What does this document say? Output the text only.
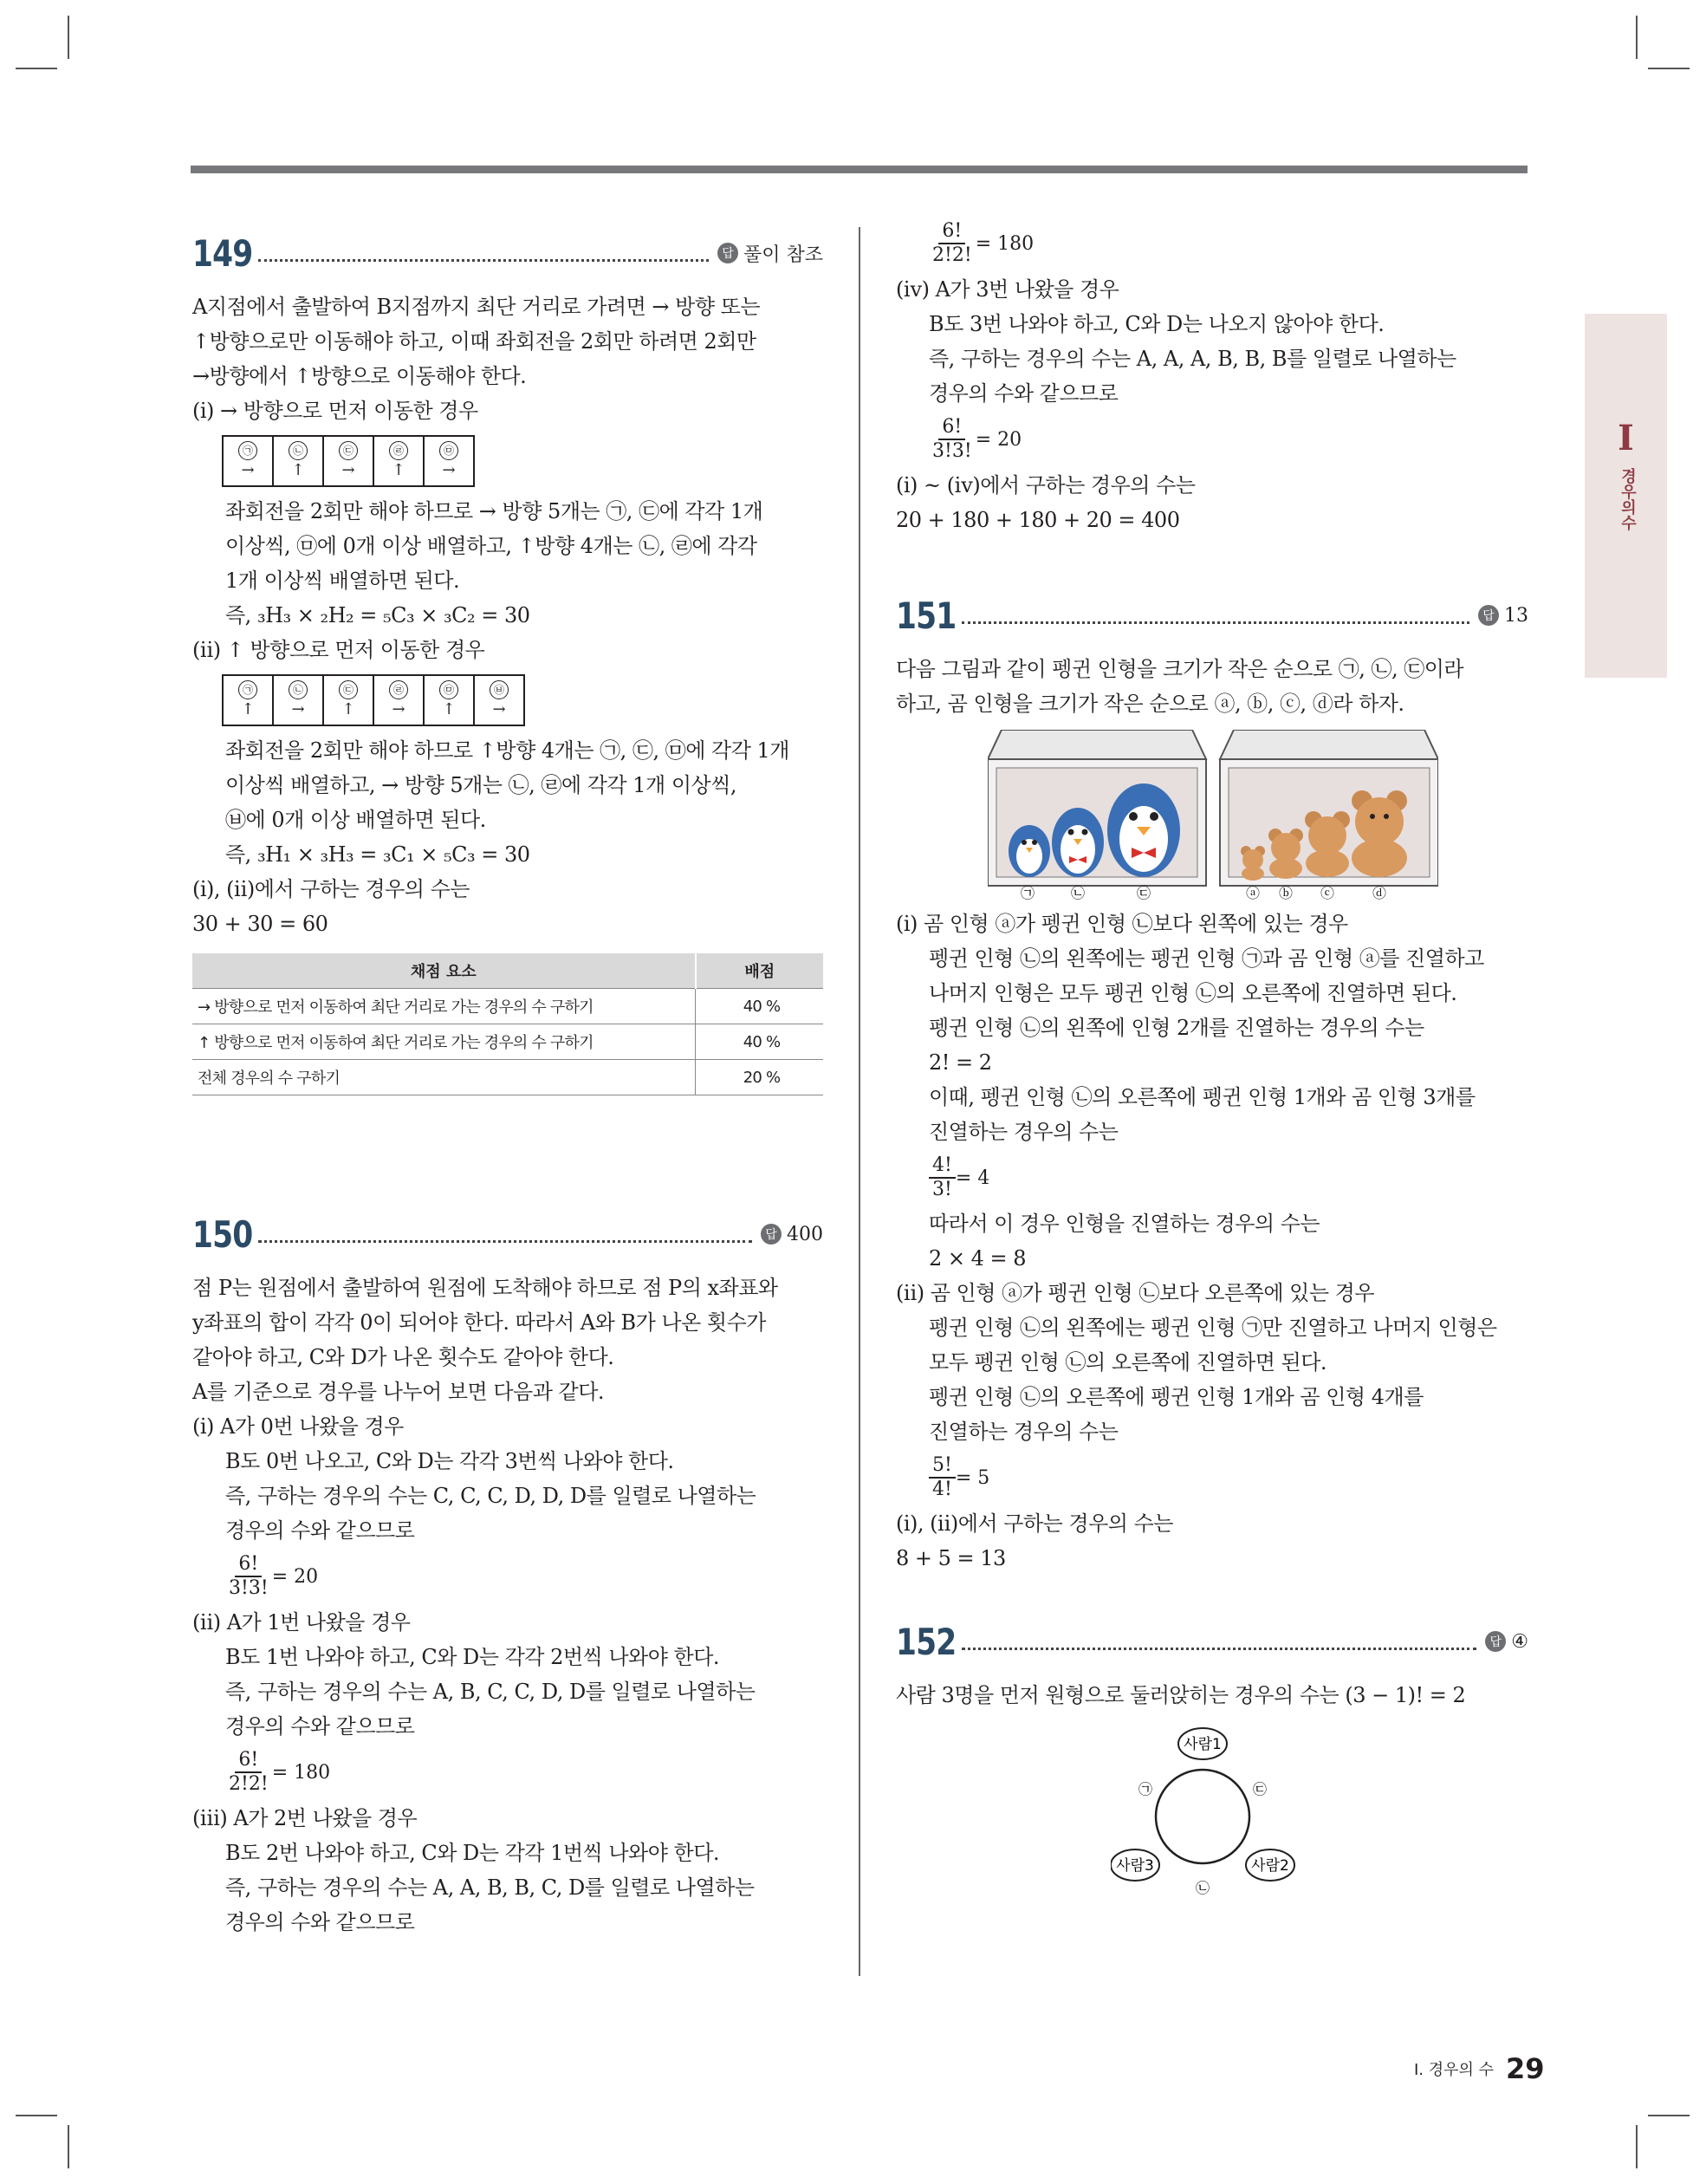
I
경우의수
149	답 풀이 참조

A지점에서 출발하여 B지점까지 최단 거리로 가려면 → 방향 또는

↑방향으로만 이동해야 하고, 이때 좌회전을 2회만 하려면 2회만

→방향에서 ↑방향으로 이동해야 한다.

(ⅰ) → 방향으로 먼저 이동한 경우

㉠
→
㉡
↑
㉢
→
㉣
↑
㉤
→

좌회전을 2회만 해야 하므로 → 방향 5개는 ㉠, ㉢에 각각 1개

이상씩, ㉤에 0개 이상 배열하고, ↑방향 4개는 ㉡, ㉣에 각각

1개 이상씩 배열하면 된다.

즉, ₃H₃ × ₂H₂ = ₅C₃ × ₃C₂ = 30

(ⅱ) ↑ 방향으로 먼저 이동한 경우

㉠
↑
㉡
→
㉢
↑
㉣
→
㉤
↑
㉥
→

좌회전을 2회만 해야 하므로 ↑방향 4개는 ㉠, ㉢, ㉤에 각각 1개

이상씩 배열하고, → 방향 5개는 ㉡, ㉣에 각각 1개 이상씩,

㉥에 0개 이상 배열하면 된다.

즉, ₃H₁ × ₃H₃ = ₃C₁ × ₅C₃ = 30

(ⅰ), (ⅱ)에서 구하는 경우의 수는

30 + 30 = 60

채점 요소	배점
→ 방향으로 먼저 이동하여 최단 거리로 가는 경우의 수 구하기	40 %
↑ 방향으로 먼저 이동하여 최단 거리로 가는 경우의 수 구하기	40 %
전체 경우의 수 구하기	20 %
150	답 400

점 P는 원점에서 출발하여 원점에 도착해야 하므로 점 P의 x좌표와

y좌표의 합이 각각 0이 되어야 한다. 따라서 A와 B가 나온 횟수가

같아야 하고, C와 D가 나온 횟수도 같아야 한다.

A를 기준으로 경우를 나누어 보면 다음과 같다.

(ⅰ) A가 0번 나왔을 경우

B도 0번 나오고, C와 D는 각각 3번씩 나와야 한다.

즉, 구하는 경우의 수는 C, C, C, D, D, D를 일렬로 나열하는

경우의 수와 같으므로

$\frac{6!}{3!3!} = 20$

(ⅱ) A가 1번 나왔을 경우

B도 1번 나와야 하고, C와 D는 각각 2번씩 나와야 한다.

즉, 구하는 경우의 수는 A, B, C, C, D, D를 일렬로 나열하는

경우의 수와 같으므로

$\frac{6!}{2!2!} = 180$

(ⅲ) A가 2번 나왔을 경우

B도 2번 나와야 하고, C와 D는 각각 1번씩 나와야 한다.

즉, 구하는 경우의 수는 A, A, B, B, C, D를 일렬로 나열하는

경우의 수와 같으므로

$\frac{6!}{2!2!} = 180$

(ⅳ) A가 3번 나왔을 경우

B도 3번 나와야 하고, C와 D는 나오지 않아야 한다.

즉, 구하는 경우의 수는 A, A, A, B, B, B를 일렬로 나열하는

경우의 수와 같으므로

$\frac{6!}{3!3!} = 20$

(ⅰ) ~ (ⅳ)에서 구하는 경우의 수는

20 + 180 + 180 + 20 = 400

151	답 13

다음 그림과 같이 펭귄 인형을 크기가 작은 순으로 ㉠, ㉡, ㉢이라

하고, 곰 인형을 크기가 작은 순으로 ⓐ, ⓑ, ⓒ, ⓓ라 하자.

㉠	㉡	㉢	ⓐ ⓑ ⓒ	ⓓ

(ⅰ) 곰 인형 ⓐ가 펭귄 인형 ㉡보다 왼쪽에 있는 경우

펭귄 인형 ㉡의 왼쪽에는 펭귄 인형 ㉠과 곰 인형 ⓐ를 진열하고

나머지 인형은 모두 펭귄 인형 ㉡의 오른쪽에 진열하면 된다.

펭귄 인형 ㉡의 왼쪽에 인형 2개를 진열하는 경우의 수는

2! = 2

이때, 펭귄 인형 ㉡의 오른쪽에 펭귄 인형 1개와 곰 인형 3개를

진열하는 경우의 수는

$\frac{4!}{3!} = 4$

따라서 이 경우 인형을 진열하는 경우의 수는

2 × 4 = 8

(ⅱ) 곰 인형 ⓐ가 펭귄 인형 ㉡보다 오른쪽에 있는 경우

펭귄 인형 ㉡의 왼쪽에는 펭귄 인형 ㉠만 진열하고 나머지 인형은

모두 펭귄 인형 ㉡의 오른쪽에 진열하면 된다.

펭귄 인형 ㉡의 오른쪽에 펭귄 인형 1개와 곰 인형 4개를

진열하는 경우의 수는

$\frac{5!}{4!} = 5$

(ⅰ), (ⅱ)에서 구하는 경우의 수는

8 + 5 = 13

152	답 ④

사람 3명을 먼저 원형으로 둘러앉히는 경우의 수는 (3 − 1)! = 2

사람1
사람2
사람3
㉠
㉡
㉢
I. 경우의 수 29
